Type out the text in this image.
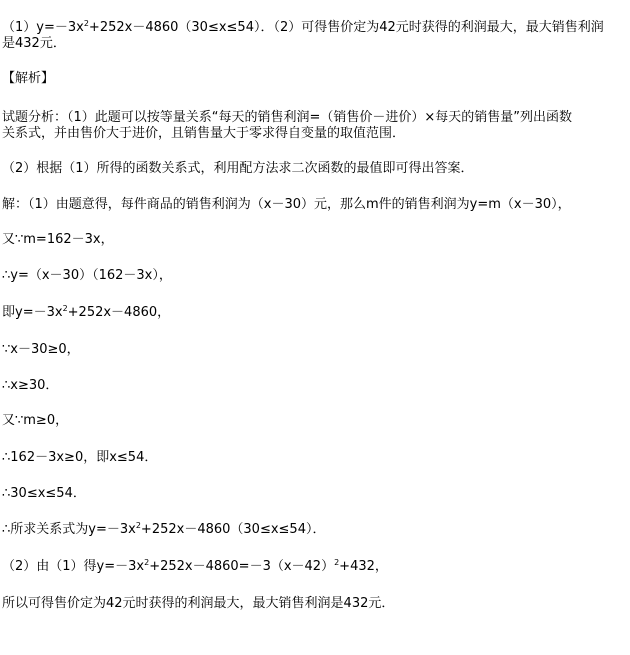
$(1)y=-3x^2+252x-4860(30\le x\le 54)$．（2）可得售价定为42元时获得的利润最大，最大销售利润
是432元．
【解析】
试题分析：（1）此题可以按等量关系“每天的销售利润=（销售价－进价）×每天的销售量”列出函数
关系式，并由售价大于进价，且销售量大于零求得自变量的取值范围．
（2）根据（1）所得的函数关系式，利用配方法求二次函数的最值即可得出答案．
解：（1）由题意得，每件商品的销售利润为（x－30）元，那么m件的销售利润为y=m（x－30），
又∵m=162－3x，
∴y=（x－30）（162－3x），
即$y=-3x^2+252x-4860$，
∵x－30≥0，
∴x≥30．
又∵m≥0，
∴162－3x≥0，即x≤54．
∴30≤x≤54．
∴所求关系式为$y=-3x^2+252x-4860(30\le x\le 54)$．
（2）由（1）得$y=-3x^2+252x-4860=-3(x-42)^2+432$，
所以可得售价定为42元时获得的利润最大，最大销售利润是432元．
